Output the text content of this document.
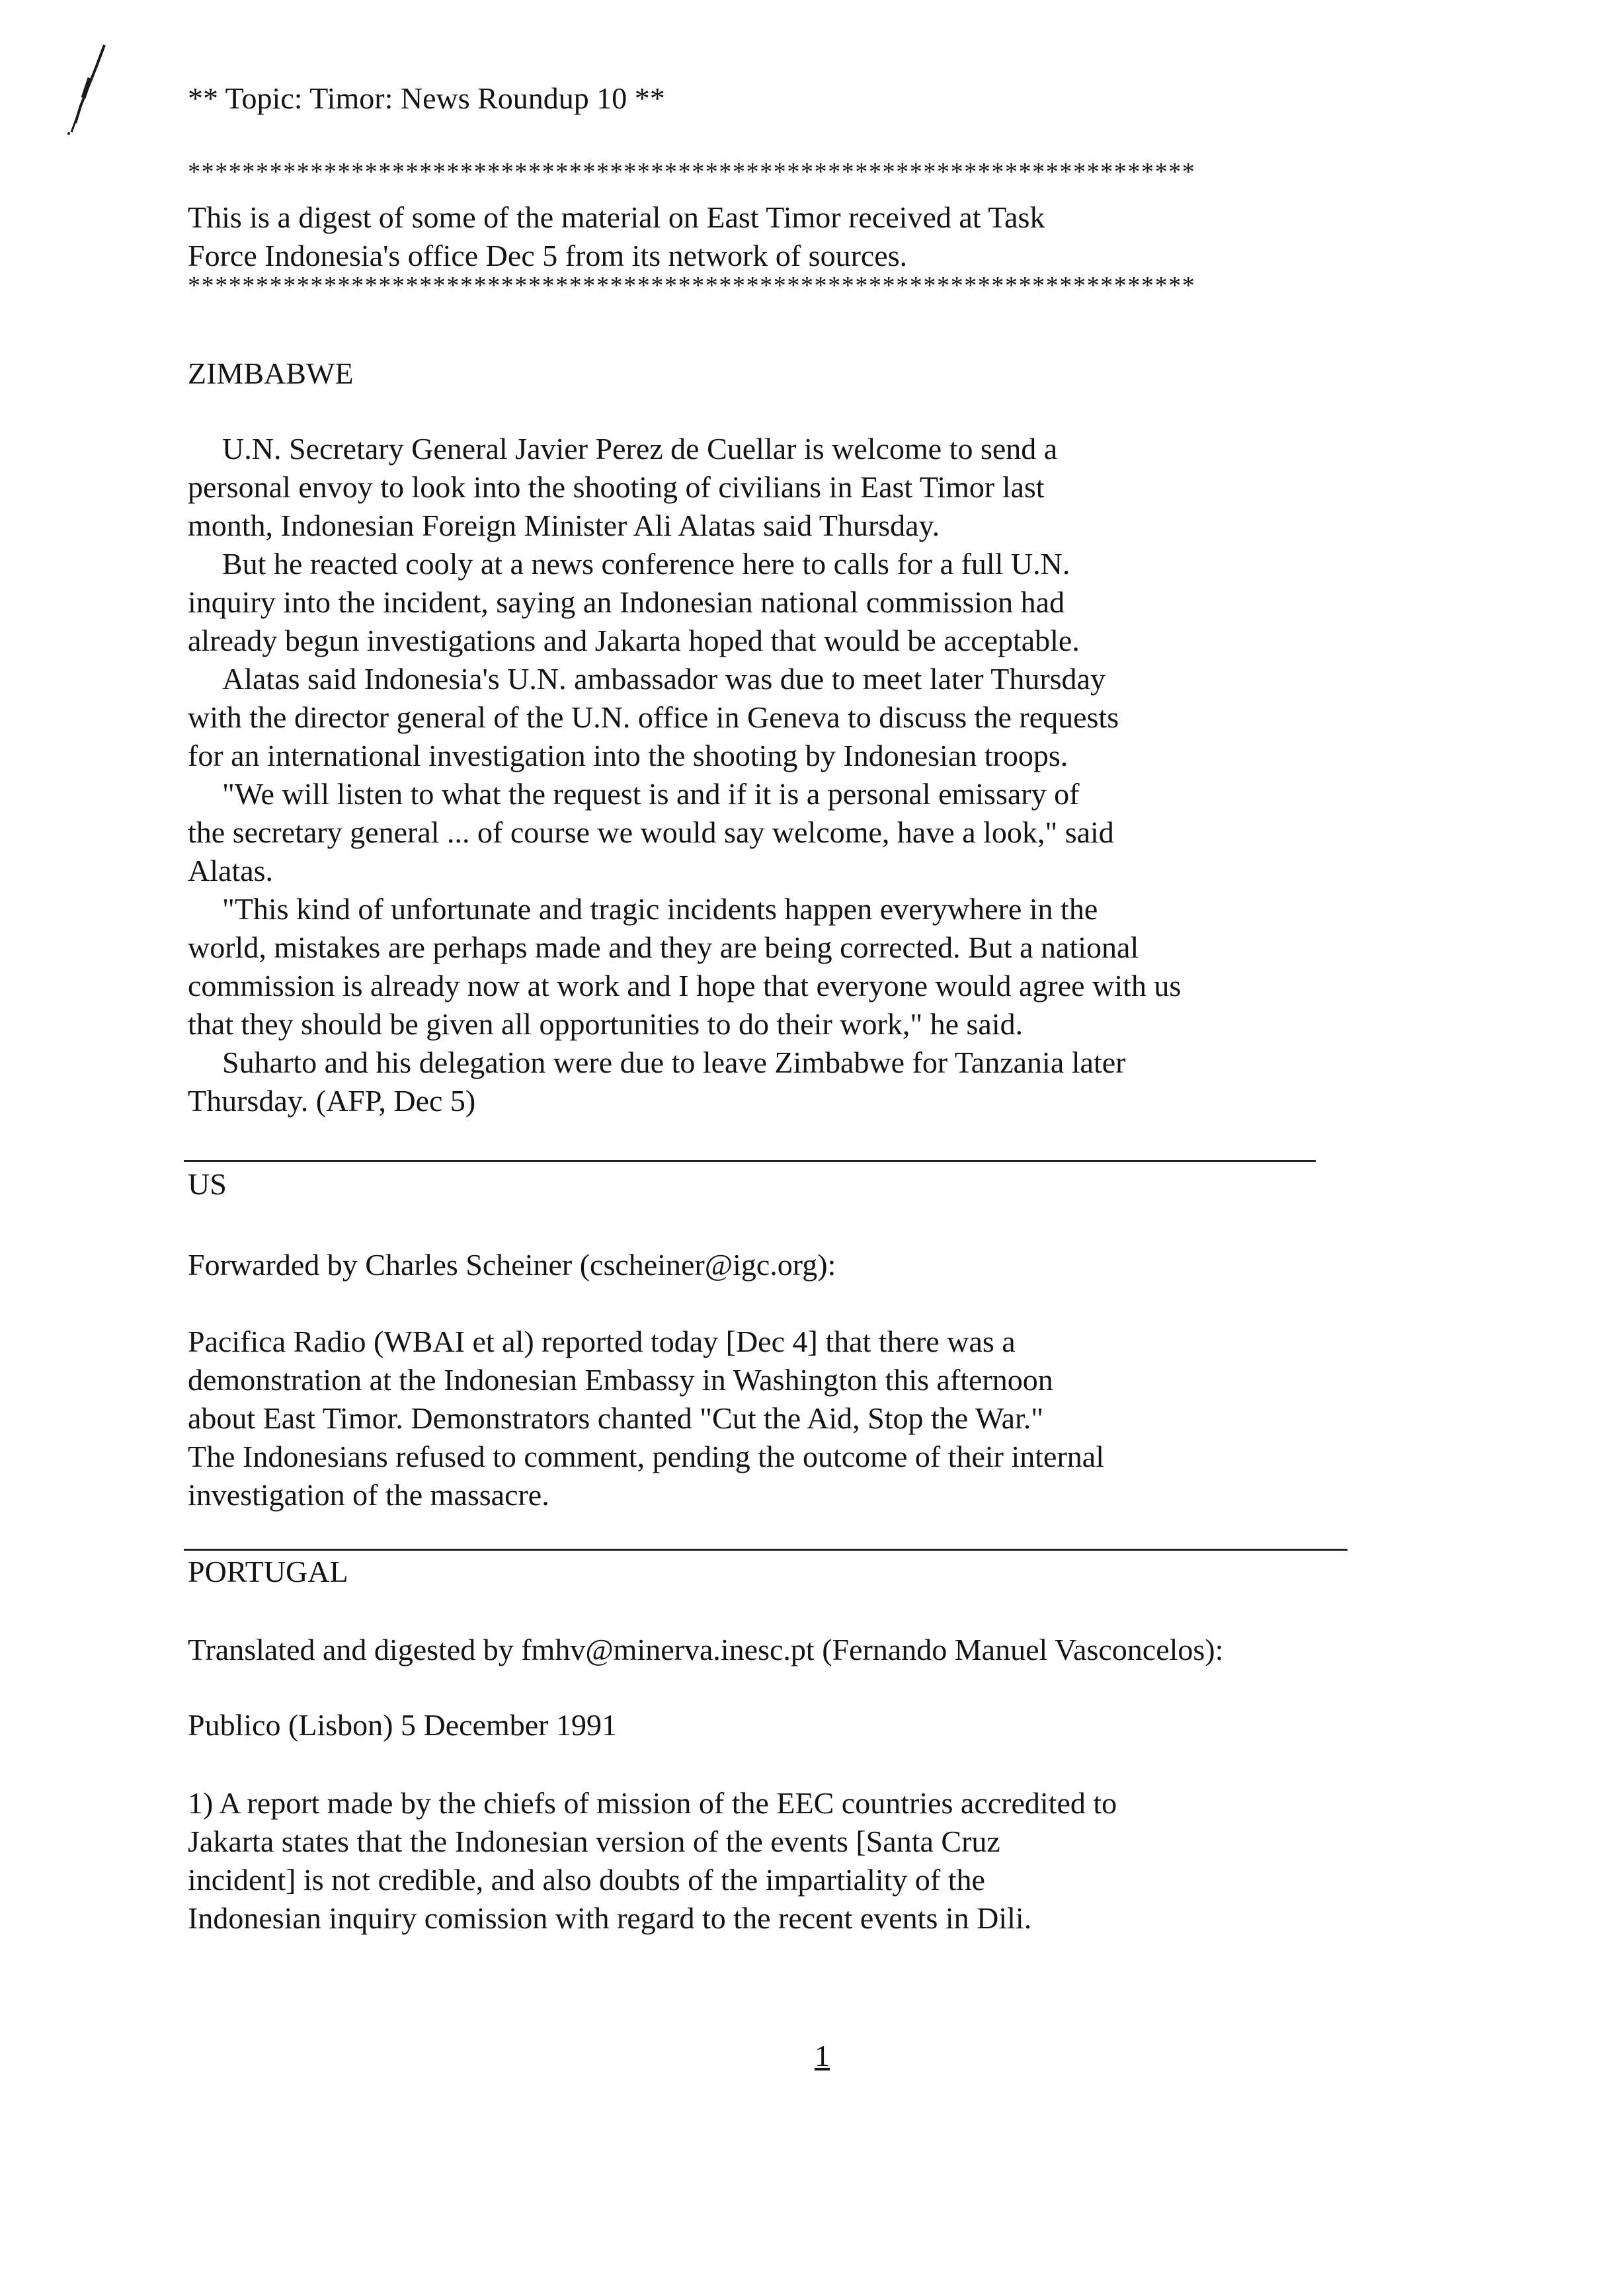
** Topic: Timor: News Roundup 10 **

**************************************************************************

This is a digest of some of the material on East Timor received at Task

Force Indonesia's office Dec 5 from its network of sources.

**************************************************************************

ZIMBABWE

U.N. Secretary General Javier Perez de Cuellar is welcome to send a

personal envoy to look into the shooting of civilians in East Timor last

month, Indonesian Foreign Minister Ali Alatas said Thursday.

But he reacted cooly at a news conference here to calls for a full U.N.

inquiry into the incident, saying an Indonesian national commission had

already begun investigations and Jakarta hoped that would be acceptable.

Alatas said Indonesia's U.N. ambassador was due to meet later Thursday

with the director general of the U.N. office in Geneva to discuss the requests

for an international investigation into the shooting by Indonesian troops.

"We will listen to what the request is and if it is a personal emissary of

the secretary general ... of course we would say welcome, have a look," said

Alatas.

"This kind of unfortunate and tragic incidents happen everywhere in the

world, mistakes are perhaps made and they are being corrected. But a national

commission is already now at work and I hope that everyone would agree with us

that they should be given all opportunities to do their work," he said.

Suharto and his delegation were due to leave Zimbabwe for Tanzania later

Thursday. (AFP, Dec 5)

US

Forwarded by Charles Scheiner (cscheiner@igc.org):

Pacifica Radio (WBAI et al) reported today [Dec 4] that there was a

demonstration at the Indonesian Embassy in Washington this afternoon

about East Timor. Demonstrators chanted "Cut the Aid, Stop the War."

The Indonesians refused to comment, pending the outcome of their internal

investigation of the massacre.

PORTUGAL

Translated and digested by fmhv@minerva.inesc.pt (Fernando Manuel Vasconcelos):

Publico (Lisbon) 5 December 1991

1) A report made by the chiefs of mission of the EEC countries accredited to

Jakarta states that the Indonesian version of the events [Santa Cruz

incident] is not credible, and also doubts of the impartiality of the

Indonesian inquiry comission with regard to the recent events in Dili.

1
